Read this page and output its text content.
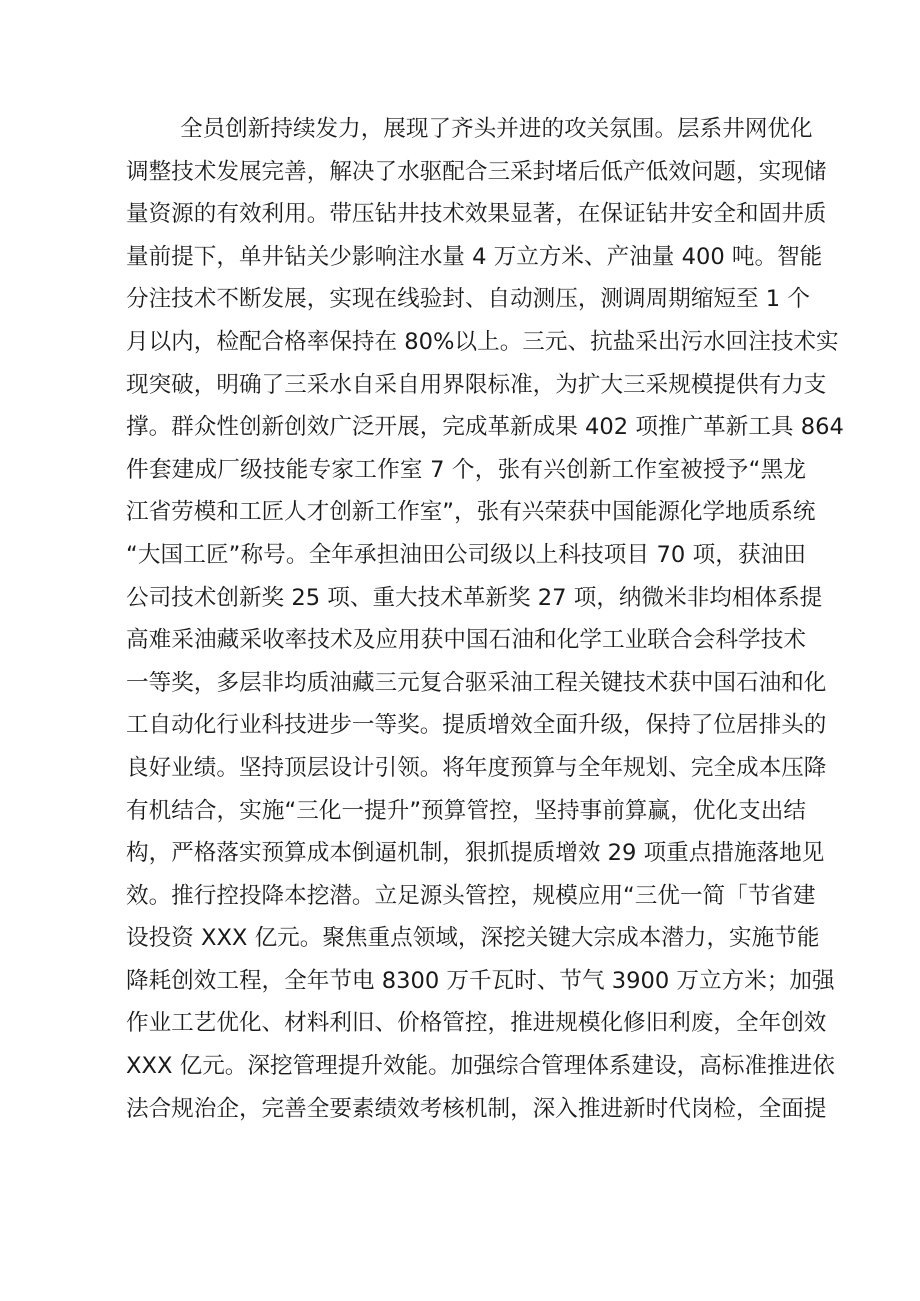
全员创新持续发力，展现了齐头并进的攻关氛围。层系井网优化
调整技术发展完善，解决了水驱配合三采封堵后低产低效问题，实现储
量资源的有效利用。带压钻井技术效果显著，在保证钻井安全和固井质
量前提下，单井钻关少影响注水量 4 万立方米、产油量 400 吨。智能
分注技术不断发展，实现在线验封、自动测压，测调周期缩短至 1 个
月以内，检配合格率保持在 80%以上。三元、抗盐采出污水回注技术实
现突破，明确了三采水自采自用界限标准，为扩大三采规模提供有力支
撑。群众性创新创效广泛开展，完成革新成果 402 项推广革新工具 864
件套建成厂级技能专家工作室 7 个，张有兴创新工作室被授予“黑龙
江省劳模和工匠人才创新工作室”，张有兴荣获中国能源化学地质系统
“大国工匠”称号。全年承担油田公司级以上科技项目 70 项，获油田
公司技术创新奖 25 项、重大技术革新奖 27 项，纳微米非均相体系提
高难采油藏采收率技术及应用获中国石油和化学工业联合会科学技术
一等奖，多层非均质油藏三元复合驱采油工程关键技术获中国石油和化
工自动化行业科技进步一等奖。提质增效全面升级，保持了位居排头的
良好业绩。坚持顶层设计引领。将年度预算与全年规划、完全成本压降
有机结合，实施“三化一提升”预算管控，坚持事前算赢，优化支出结
构，严格落实预算成本倒逼机制，狠抓提质增效 29 项重点措施落地见
效。推行控投降本挖潜。立足源头管控，规模应用“三优一简「节省建
设投资 XXX 亿元。聚焦重点领域，深挖关键大宗成本潜力，实施节能
降耗创效工程，全年节电 8300 万千瓦时、节气 3900 万立方米；加强
作业工艺优化、材料利旧、价格管控，推进规模化修旧利废，全年创效
XXX 亿元。深挖管理提升效能。加强综合管理体系建设，高标准推进依
法合规治企，完善全要素绩效考核机制，深入推进新时代岗检，全面提
